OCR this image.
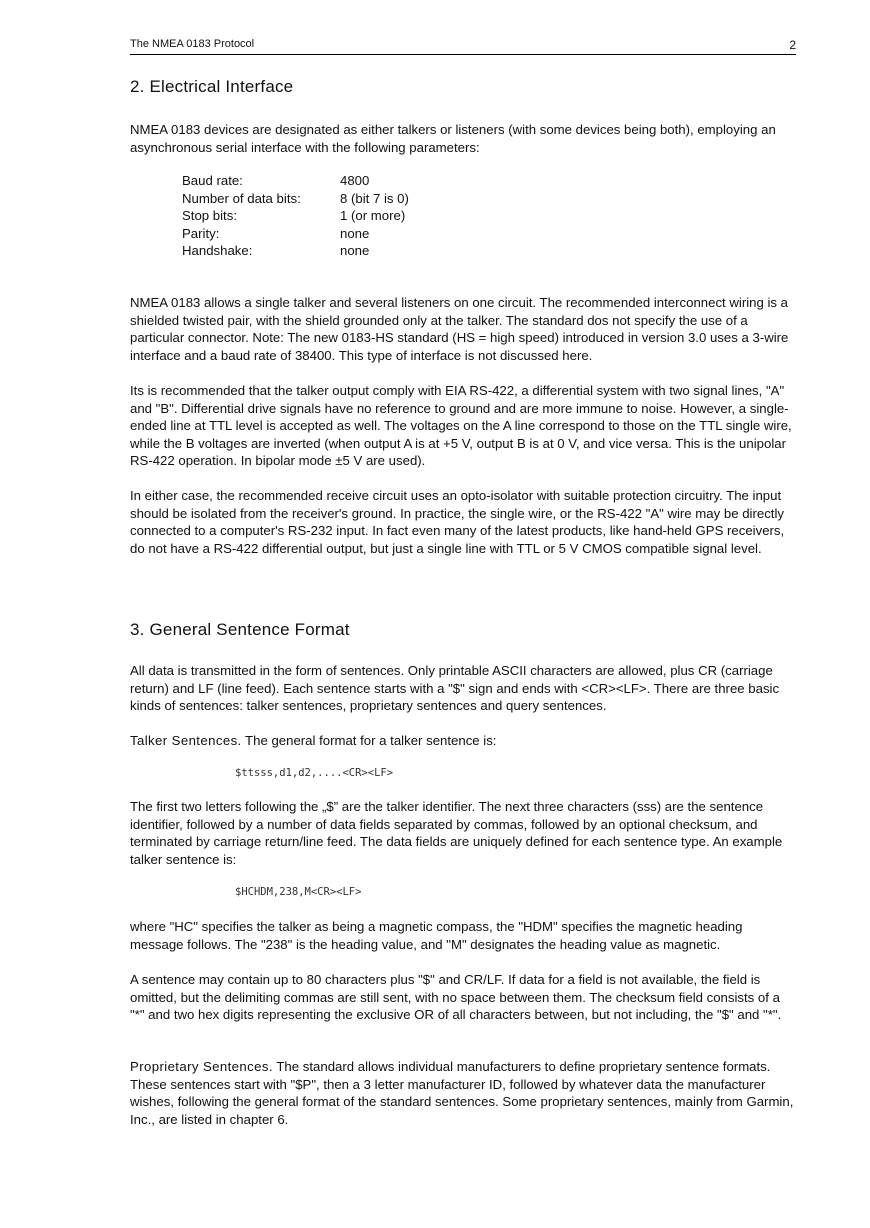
The NMEA 0183 Protocol	2
2. Electrical Interface

NMEA 0183 devices are designated as either talkers or listeners (with some devices being both), employing an asynchronous serial interface with the following parameters:

Baud rate:	4800
Number of data bits:	8 (bit 7 is 0)
Stop bits:	1 (or more)
Parity:	none
Handshake:	none

NMEA 0183 allows a single talker and several listeners on one circuit. The recommended interconnect wiring is a shielded twisted pair, with the shield grounded only at the talker. The standard dos not specify the use of a particular connector. Note: The new 0183-HS standard (HS = high speed) introduced in version 3.0 uses a 3-wire interface and a baud rate of 38400. This type of interface is not discussed here.

Its is recommended that the talker output comply with EIA RS-422, a differential system with two signal lines, "A" and "B". Differential drive signals have no reference to ground and are more immune to noise. However, a single-ended line at TTL level is accepted as well. The voltages on the A line correspond to those on the TTL single wire, while the B voltages are inverted (when output A is at +5 V, output B is at 0 V, and vice versa. This is the unipolar RS-422 operation. In bipolar mode ±5 V are used).

In either case, the recommended receive circuit uses an opto-isolator with suitable protection circuitry. The input should be isolated from the receiver's ground. In practice, the single wire, or the RS-422 "A" wire may be directly connected to a computer's RS-232 input. In fact even many of the latest products, like hand-held GPS receivers, do not have a RS-422 differential output, but just a single line with TTL or 5 V CMOS compatible signal level.

3. General Sentence Format

All data is transmitted in the form of sentences. Only printable ASCII characters are allowed, plus CR (carriage return) and LF (line feed). Each sentence starts with a "$" sign and ends with <CR><LF>. There are three basic kinds of sentences: talker sentences, proprietary sentences and query sentences.

Talker Sentences. The general format for a talker sentence is:

$ttsss,d1,d2,....<CR><LF>

The first two letters following the „$” are the talker identifier. The next three characters (sss) are the sentence identifier, followed by a number of data fields separated by commas, followed by an optional checksum, and terminated by carriage return/line feed. The data fields are uniquely defined for each sentence type. An example talker sentence is:

$HCHDM,238,M<CR><LF>

where "HC" specifies the talker as being a magnetic compass, the "HDM" specifies the magnetic heading message follows. The "238" is the heading value, and "M" designates the heading value as magnetic.

A sentence may contain up to 80 characters plus "$" and CR/LF. If data for a field is not available, the field is omitted, but the delimiting commas are still sent, with no space between them. The checksum field consists of a "*" and two hex digits representing the exclusive OR of all characters between, but not including, the "$" and "*".

Proprietary Sentences. The standard allows individual manufacturers to define proprietary sentence formats. These sentences start with "$P", then a 3 letter manufacturer ID, followed by whatever data the manufacturer wishes, following the general format of the standard sentences. Some proprietary sentences, mainly from Garmin, Inc., are listed in chapter 6.
